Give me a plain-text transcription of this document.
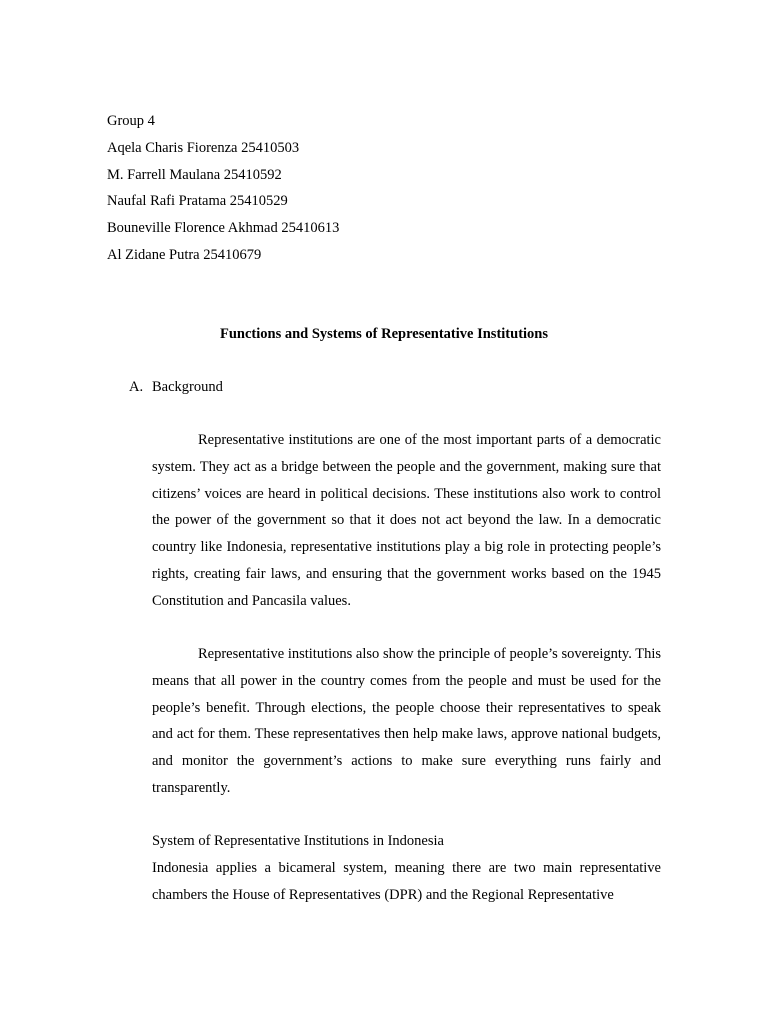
Group 4
Aqela Charis Fiorenza 25410503
M. Farrell Maulana 25410592
Naufal Rafi Pratama 25410529
Bouneville Florence Akhmad 25410613
Al Zidane Putra 25410679
Functions and Systems of Representative Institutions
A. Background

Representative institutions are one of the most important parts of a democratic system. They act as a bridge between the people and the government, making sure that citizens’ voices are heard in political decisions. These institutions also work to control the power of the government so that it does not act beyond the law. In a democratic country like Indonesia, representative institutions play a big role in protecting people’s rights, creating fair laws, and ensuring that the government works based on the 1945 Constitution and Pancasila values.

Representative institutions also show the principle of people’s sovereignty. This means that all power in the country comes from the people and must be used for the people’s benefit. Through elections, the people choose their representatives to speak and act for them. These representatives then help make laws, approve national budgets, and monitor the government’s actions to make sure everything runs fairly and transparently.

System of Representative Institutions in Indonesia

Indonesia applies a bicameral system, meaning there are two main representative chambers the House of Representatives (DPR) and the Regional Representative
